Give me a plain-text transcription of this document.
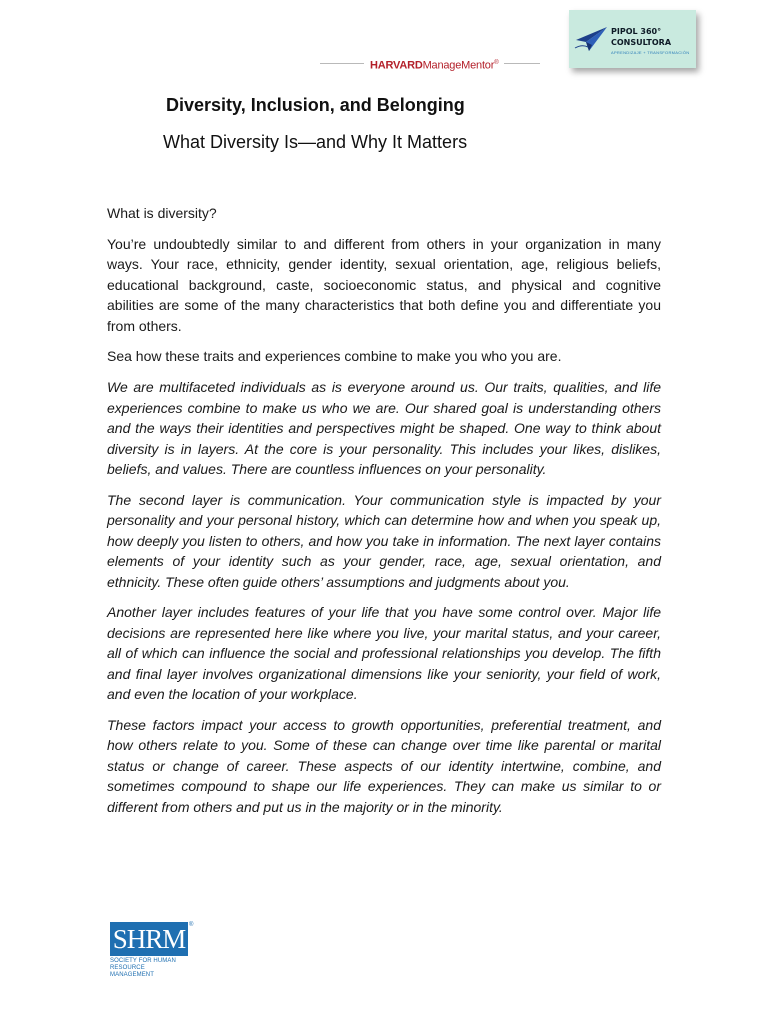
HARVARDManageMentor®
PIPOL 360°
CONSULTORA
APRENDIZAJE + TRANSFORMACIÓN
Diversity, Inclusion, and Belonging
What Diversity Is—and Why It Matters

What is diversity?

You’re undoubtedly similar to and different from others in your organization in many ways. Your race, ethnicity, gender identity, sexual orientation, age, religious beliefs, educational background, caste, socioeconomic status, and physical and cognitive abilities are some of the many characteristics that both define you and differentiate you from others.

Sea how these traits and experiences combine to make you who you are.

We are multifaceted individuals as is everyone around us. Our traits, qualities, and life experiences combine to make us who we are. Our shared goal is understanding others and the ways their identities and perspectives might be shaped. One way to think about diversity is in layers. At the core is your personality. This includes your likes, dislikes, beliefs, and values. There are countless influences on your personality.

The second layer is communication. Your communication style is impacted by your personality and your personal history, which can determine how and when you speak up, how deeply you listen to others, and how you take in information. The next layer contains elements of your identity such as your gender, race, age, sexual orientation, and ethnicity. These often guide others’ assumptions and judgments about you.

Another layer includes features of your life that you have some control over. Major life decisions are represented here like where you live, your marital status, and your career, all of which can influence the social and professional relationships you develop. The fifth and final layer involves organizational dimensions like your seniority, your field of work, and even the location of your workplace.

These factors impact your access to growth opportunities, preferential treatment, and how others relate to you. Some of these can change over time like parental or marital status or change of career. These aspects of our identity intertwine, combine, and sometimes compound to shape our life experiences. They can make us similar to or different from others and put us in the majority or in the minority.

SHRM ®
SOCIETY FOR HUMAN RESOURCE MANAGEMENT
